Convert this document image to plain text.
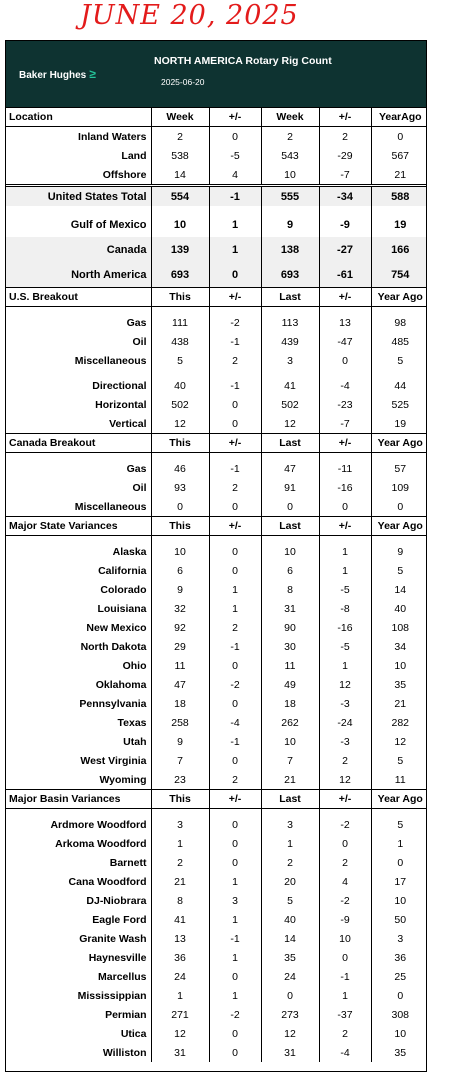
JUNE 20, 2025
Baker Hughes ≥
NORTH AMERICA Rotary Rig Count
2025-06-20
Location	Week	+/-	Week	+/-	YearAgo
Inland Waters	2	0	2	2	0
Land	538	-5	543	-29	567
Offshore	14	4	10	-7	21
United States Total	554	-1	555	-34	588

Gulf of Mexico	10	1	9	-9	19
Canada	139	1	138	-27	166
North America	693	0	693	-61	754
U.S. Breakout	This	+/-	Last	+/-	Year Ago

Gas	111	-2	113	13	98
Oil	438	-1	439	-47	485
Miscellaneous	5	2	3	0	5

Directional	40	-1	41	-4	44
Horizontal	502	0	502	-23	525
Vertical	12	0	12	-7	19
Canada Breakout	This	+/-	Last	+/-	Year Ago

Gas	46	-1	47	-11	57
Oil	93	2	91	-16	109
Miscellaneous	0	0	0	0	0
Major State Variances	This	+/-	Last	+/-	Year Ago

Alaska	10	0	10	1	9
California	6	0	6	1	5
Colorado	9	1	8	-5	14
Louisiana	32	1	31	-8	40
New Mexico	92	2	90	-16	108
North Dakota	29	-1	30	-5	34
Ohio	11	0	11	1	10
Oklahoma	47	-2	49	12	35
Pennsylvania	18	0	18	-3	21
Texas	258	-4	262	-24	282
Utah	9	-1	10	-3	12
West Virginia	7	0	7	2	5
Wyoming	23	2	21	12	11
Major Basin Variances	This	+/-	Last	+/-	Year Ago

Ardmore Woodford	3	0	3	-2	5
Arkoma Woodford	1	0	1	0	1
Barnett	2	0	2	2	0
Cana Woodford	21	1	20	4	17
DJ-Niobrara	8	3	5	-2	10
Eagle Ford	41	1	40	-9	50
Granite Wash	13	-1	14	10	3
Haynesville	36	1	35	0	36
Marcellus	24	0	24	-1	25
Mississippian	1	1	0	1	0
Permian	271	-2	273	-37	308
Utica	12	0	12	2	10
Williston	31	0	31	-4	35
